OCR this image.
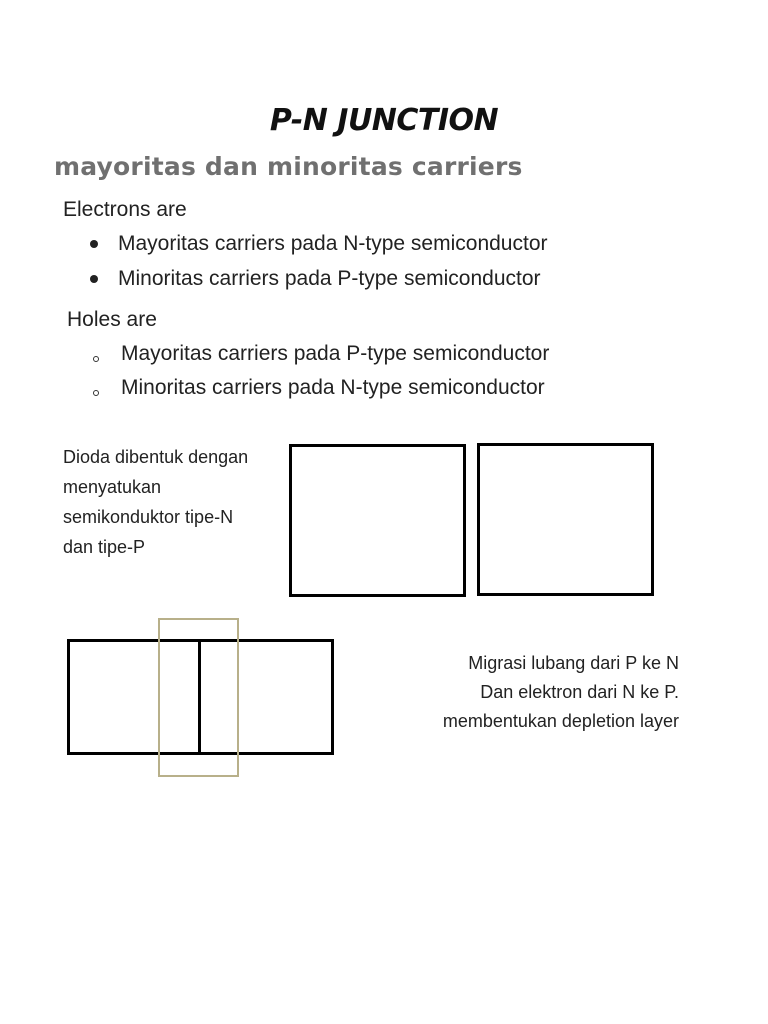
P-N JUNCTION
mayoritas dan minoritas carriers

Electrons are

Mayoritas carriers pada N-type semiconductor
Minoritas carriers pada P-type semiconductor

Holes are

Mayoritas carriers pada P-type semiconductor
Minoritas carriers pada N-type semiconductor
Dioda dibentuk dengan
menyatukan
semikonduktor tipe-N
dan tipe-P
Migrasi lubang dari P ke N
Dan elektron dari N ke P.
membentukan depletion layer
